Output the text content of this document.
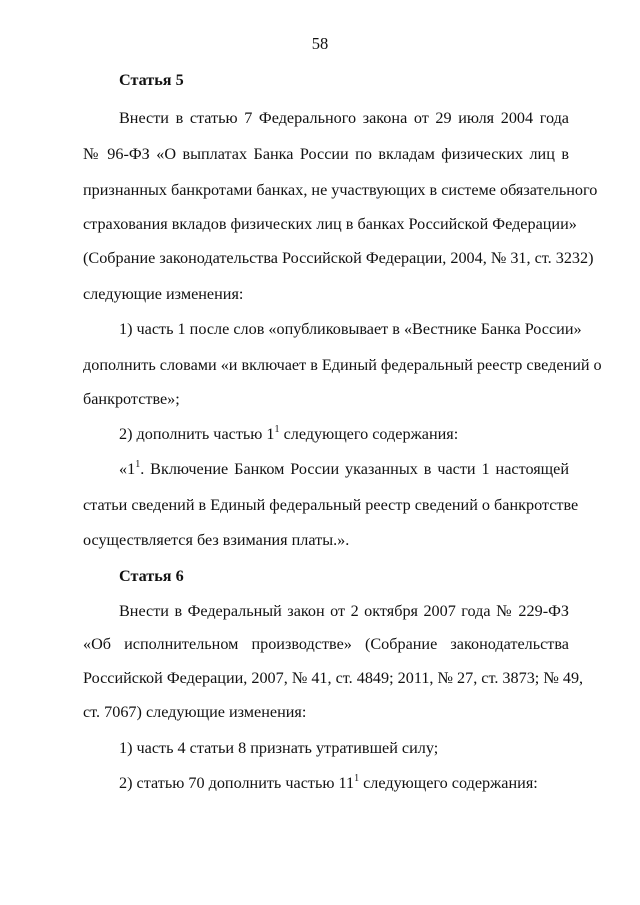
58
Статья 5
Внести в статью 7 Федерального закона от 29 июля 2004 года
№ 96-ФЗ «О выплатах Банка России по вкладам физических лиц в
признанных банкротами банках, не участвующих в системе обязательного
страхования вкладов физических лиц в банках Российской Федерации»
(Собрание законодательства Российской Федерации, 2004, № 31, ст. 3232)
следующие изменения:
1) часть 1 после слов «опубликовывает в «Вестнике Банка России»
дополнить словами «и включает в Единый федеральный реестр сведений о
банкротстве»;
2) дополнить частью $1^1$ следующего содержания:
«$1^1$. Включение Банком России указанных в части 1 настоящей
статьи сведений в Единый федеральный реестр сведений о банкротстве
осуществляется без взимания платы.».
Статья 6
Внести в Федеральный закон от 2 октября 2007 года № 229-ФЗ
«Об исполнительном производстве» (Собрание законодательства
Российской Федерации, 2007, № 41, ст. 4849; 2011, № 27, ст. 3873; № 49,
ст. 7067) следующие изменения:
1) часть 4 статьи 8 признать утратившей силу;
2) статью 70 дополнить частью $11^1$ следующего содержания:
